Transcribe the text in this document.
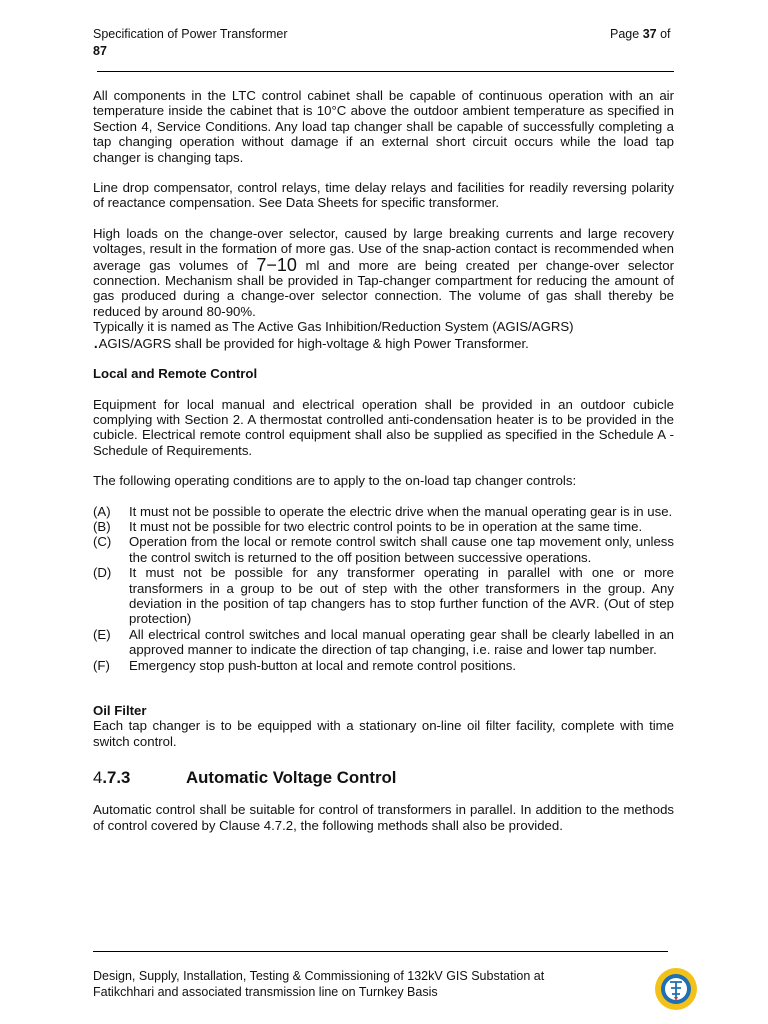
Specification of Power Transformer
87
Page 37 of

All components in the LTC control cabinet shall be capable of continuous operation with an air temperature inside the cabinet that is 10°C above the outdoor ambient temperature as specified in Section 4, Service Conditions. Any load tap changer shall be capable of successfully completing a tap changing operation without damage if an external short circuit occurs while the load tap changer is changing taps.

Line drop compensator, control relays, time delay relays and facilities for readily reversing polarity of reactance compensation. See Data Sheets for specific transformer.

High loads on the change-over selector, caused by large breaking currents and large recovery voltages, result in the formation of more gas. Use of the snap-action contact is recommended when average gas volumes of 7−10 ml and more are being created per change-over selector connection. Mechanism shall be provided in Tap-changer compartment for reducing the amount of gas produced during a change-over selector connection. The volume of gas shall thereby be reduced by around 80-90%.

Typically it is named as The Active Gas Inhibition/Reduction System (AGIS/AGRS)
.AGIS/AGRS shall be provided for high-voltage & high Power Transformer.

Local and Remote Control

Equipment for local manual and electrical operation shall be provided in an outdoor cubicle complying with Section 2. A thermostat controlled anti-condensation heater is to be provided in the cubicle. Electrical remote control equipment shall also be supplied as specified in the Schedule A - Schedule of Requirements.

The following operating conditions are to apply to the on-load tap changer controls:

(A)	It must not be possible to operate the electric drive when the manual operating gear is in use.
(B)	It must not be possible for two electric control points to be in operation at the same time.
(C)	Operation from the local or remote control switch shall cause one tap movement only, unless the control switch is returned to the off position between successive operations.
(D)	It must not be possible for any transformer operating in parallel with one or more transformers in a group to be out of step with the other transformers in the group. Any deviation in the position of tap changers has to stop further function of the AVR. (Out of step protection)
(E)	All electrical control switches and local manual operating gear shall be clearly labelled in an approved manner to indicate the direction of tap changing, i.e. raise and lower tap number.
(F)	Emergency stop push-button at local and remote control positions.
Oil Filter

Each tap changer is to be equipped with a stationary on-line oil filter facility, complete with time switch control.

4.7.3	Automatic Voltage Control

Automatic control shall be suitable for control of transformers in parallel. In addition to the methods of control covered by Clause 4.7.2, the following methods shall also be provided.

Design, Supply, Installation, Testing & Commissioning of 132kV GIS Substation at
Fatikchhari and associated transmission line on Turnkey Basis
